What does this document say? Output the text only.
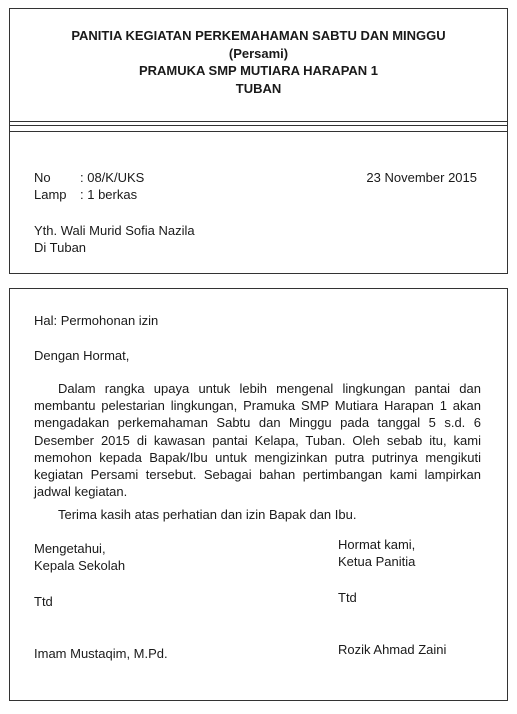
PANITIA KEGIATAN PERKEMAHAMAN SABTU DAN MINGGU
(Persami)
PRAMUKA SMP MUTIARA HARAPAN 1
TUBAN
No : 08/K/UKS
Lamp : 1 berkas
23 November 2015
Yth. Wali Murid Sofia Nazila
Di Tuban
Hal: Permohonan izin
Dengan Hormat,

Dalam rangka upaya untuk lebih mengenal lingkungan pantai dan membantu pelestarian lingkungan, Pramuka SMP Mutiara Harapan 1 akan mengadakan perkemahaman Sabtu dan Minggu pada tanggal 5 s.d. 6 Desember 2015 di kawasan pantai Kelapa, Tuban. Oleh sebab itu, kami memohon kepada Bapak/Ibu untuk mengizinkan putra putrinya mengikuti kegiatan Persami tersebut. Sebagai bahan pertimbangan kami lampirkan jadwal kegiatan.

Terima kasih atas perhatian dan izin Bapak dan Ibu.

Mengetahui,
Kepala Sekolah
Ttd
Imam Mustaqim, M.Pd.
Hormat kami,
Ketua Panitia
Ttd
Rozik Ahmad Zaini
